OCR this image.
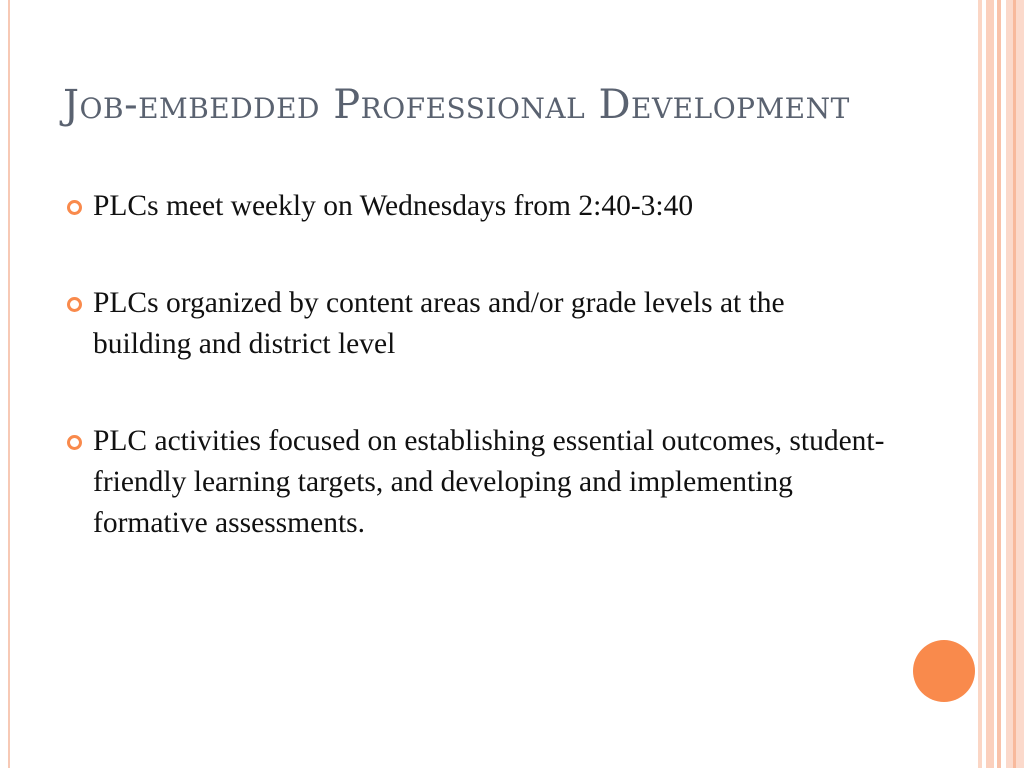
Job-embedded Professional Development
PLCs meet weekly on Wednesdays from 2:40-3:40
PLCs organized by content areas and/or grade levels at the building and district level
PLC activities focused on establishing essential outcomes, student-friendly learning targets, and developing and implementing formative assessments.
